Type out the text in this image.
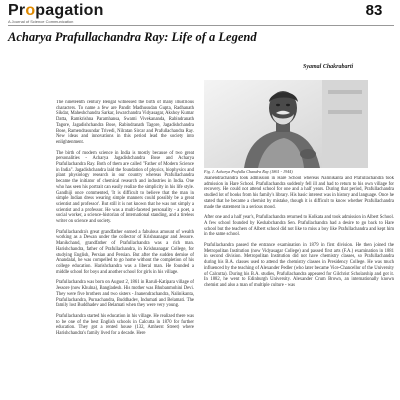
Propagation
A Journal of Science Communication
83
Acharya Prafullachandra Ray: Life of a Legend
Syamal Chakrabarti
Fig. 1. Acharya Prafulla Chandra Ray (1861 - 1944)

The nineteenth century Bengal witnessed the birth of many illustrious characters. To name a few are Pandit Madhusudan Gupta, Radhanath Sikdar, Maheshchandra Sarkar, Iswarchandra Vidyasagar, Akshoy Kumar Datta, Ramkrishna Paramhansa, Swami Vivekananda, Rabindranath Tagore, Jagadishchandra Bose, Rabindranath Tagore, Jagadishchandra Bose, Ramendrasundar Trivedi, Nilratan Sircar and Prafullachandra Ray. New ideas and innovations in this period lead the society into enlightenment.

The birth of modern science in India is mostly because of two great personalities - Acharya Jagadishchandra Bose and Acharya Prafullachandra Ray. Both of them are called "Father of Modern Science in India". Jagadishchandra laid the foundation of physics, biophysics and plant physiology research in our country whereas Prafullachandra became the initiator of chemical research and industries in India. One who has seen his portrait can easily realize the simplicity in his life style. Gandhiji once commented, 'It is difficult to believe that the man in simple Indian dress wearing simple manners could possibly be a great scientist and professor'. But still it is not known that he was not simply a scientist and a professor. He was a multi-faceted personality - a poet, a social worker, a science-historian of international standing, and a tireless writer on science and society.

Prafullachandra's great grandfather earned a fabulous amount of wealth working as a Dewan under the collector of Krishnanagar and Jessore. Manikchand, grandfather of Prafullachandra was a rich man. Harishchandra, father of Prafullachandra, in Krishnanagar College, for studying English, Persian and Persian. But after the sudden demise of Anandalal, he was compelled to go home without the completion of his college education. Harishchandra was a liberal man. He founded a middle school for boys and another school for girls in his village.

Prafullachandra was born on August 2, 1861 in Raruli-Katipara village of Jessore (now Khulna), Bangladesh. His mother was Bhubanmohini Devi. They were five brothers and two sisters - Jnanendrachandra, Nalinikanta, Prafullachandra, Purnachandra, Buddhadev, Indumati and Belamati. The family lost Buddhadev and Belamati when they were very young.

Prafullachandra started his education in his village. He realized there was to be one of the best English schools in Calcutta in 1870 for further education. They got a rented house (132, Amherst Street) where Harishchandra's family lived for a decade. Here

Jnanendrachandra took admission in Hare School whereas Nalinikanta and Prafullachandra took admission in Hare School. Prafullachandra suddenly fell ill and had to return to his own village for recovery. He could not attend school for one and a half years. During that period, Prafullachandra studied lot of books from his family's library. His basic interest was in history and language. Once he stated that he became a chemist by mistake, though it is difficult to know whether Prafullachandra made the statement in a serious mood.

After one and a half year's, Prafullachandra returned to Kolkata and took admission in Albert School. A few school founded by Keshabchandra Sen. Prafullachandra had a desire to go back to Hare school but the teachers of Albert school did not like to miss a boy like Prafullachandra and kept him in the same school.

Prafullachandra passed the entrance examination in 1879 in first division. He then joined the Metropolitan Institution (now Vidyasagar College) and passed first arts (F.A.) examination in 1881 in second division. Metropolitan Institution did not have chemistry classes, so Prafullachandra during his B.A. classes used to attend the chemistry classes in Presidency College. He was much influenced by the teaching of Alexander Pedler (who later became Vice-Chancellor of the University of Calcutta). During his B.A. studies, Prafullachandra appeared for Gilchrist Scholarship and got it. In 1882, he went to Edinburgh University. Alexander Crum Brown, an internationally known chemist and also a man of multiple culture - was
